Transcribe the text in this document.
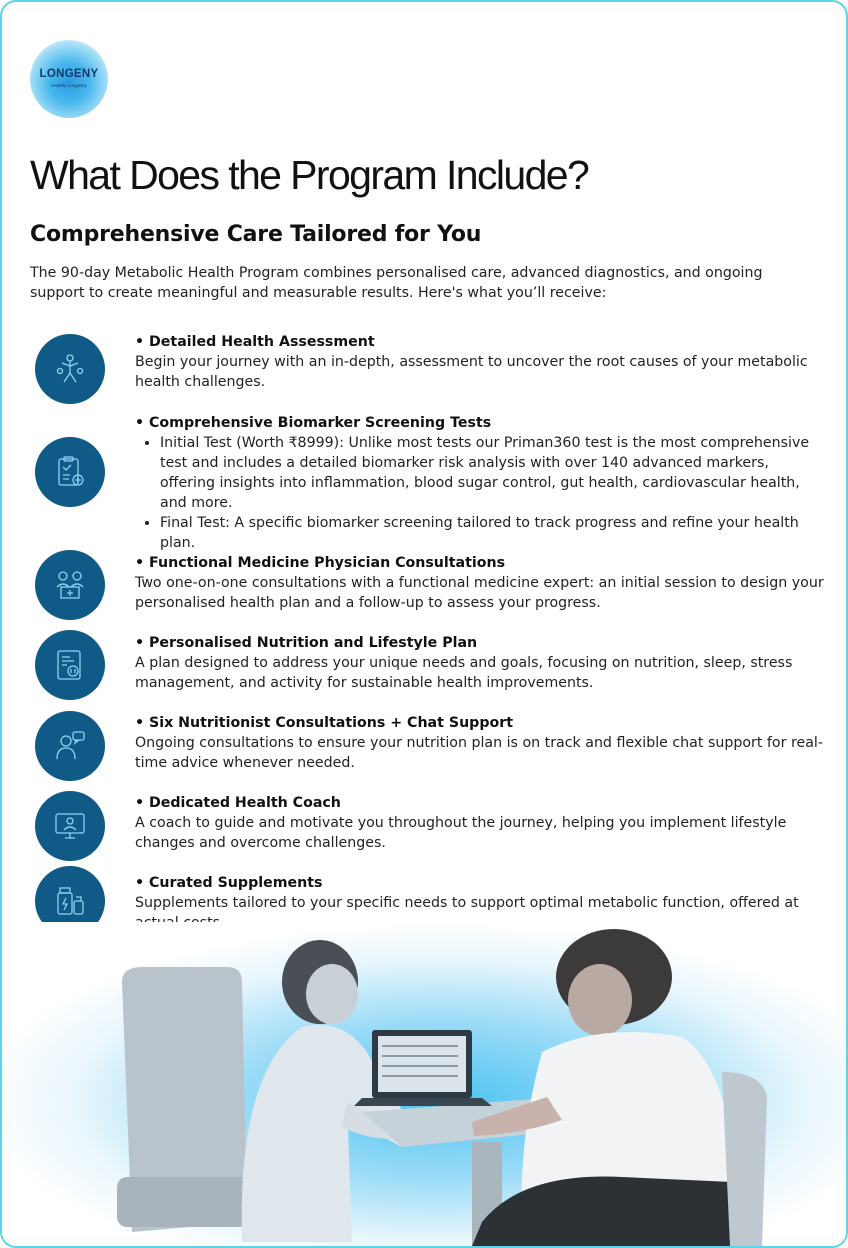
LONGENY
Healthy Longevity
What Does the Program Include?
Comprehensive Care Tailored for You

The 90-day Metabolic Health Program combines personalised care, advanced diagnostics, and ongoing support to create meaningful and measurable results. Here's what you’ll receive:

• Detailed Health Assessment
Begin your journey with an in-depth, assessment to uncover the root causes of your metabolic health challenges.
• Comprehensive Biomarker Screening Tests
• Initial Test (Worth ₹8999): Unlike most tests our Priman360 test is the most comprehensive test and includes a detailed biomarker risk analysis with over 140 advanced markers, offering insights into inflammation, blood sugar control, gut health, cardiovascular health, and more.
• Final Test: A specific biomarker screening tailored to track progress and refine your health plan.
• Functional Medicine Physician Consultations
Two one-on-one consultations with a functional medicine expert: an initial session to design your personalised health plan and a follow-up to assess your progress.
• Personalised Nutrition and Lifestyle Plan
A plan designed to address your unique needs and goals, focusing on nutrition, sleep, stress management, and activity for sustainable health improvements.
• Six Nutritionist Consultations + Chat Support
Ongoing consultations to ensure your nutrition plan is on track and flexible chat support for real-time advice whenever needed.
• Dedicated Health Coach
A coach to guide and motivate you throughout the journey, helping you implement lifestyle changes and overcome challenges.
• Curated Supplements
Supplements tailored to your specific needs to support optimal metabolic function, offered at
